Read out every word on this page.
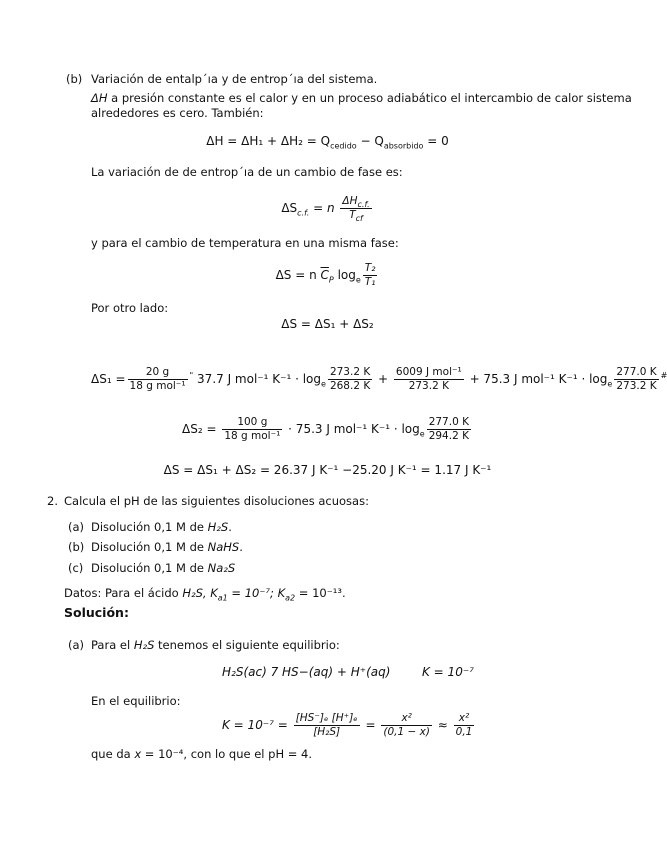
(b) Variación de entalp´ıa y de entrop´ıa del sistema.
ΔH a presión constante es el calor y en un proceso adiabático el intercambio de calor sistema
alrededores es cero. También:
$\Delta H = \Delta H_1 + \Delta H_2 = Q_{cedido} - Q_{absorbido} = 0$
La variación de de entrop´ıa de un cambio de fase es:
$\Delta S_{c.f.} = n \frac{\Delta H_{c.f.}}{T_{cf}}$
y para el cambio de temperatura en una misma fase:
ΔS = n $\overline{C}_P$ $\log_e \frac{\text{T₂}}{\text{T₁}}$
Por otro lado:
ΔS = ΔS₁ + ΔS₂
$\Delta S_1 = \frac{20 g}{\text{18 g mol⁻¹}} ^"$ 37.7 J mol⁻¹ $K^{-1} \cdot \log_e \frac{273.2 K}{268.2 K} + \frac{\text{6009 J mol⁻¹}}{273.2 K} + 75.3$ J mol⁻¹ $K^{-1} \cdot \log_e \frac{277.0 K}{273.2 K} ^{\#}$
$\Delta S_2 = \frac{100 g}{\text{18 g mol⁻¹}} \cdot 75.3$ J mol⁻¹ $K^{-1} \cdot \log_e \frac{277.0 K}{294.2 K}$
ΔS = ΔS₁ + ΔS₂ = 26.37 J K⁻¹ −25.20 J K⁻¹ = 1.17 J K⁻¹
2. Calcula el pH de las siguientes disoluciones acuosas:
(a) Disolución 0,1 M de H₂S.
(b) Disolución 0,1 M de NaHS.
(c) Disolución 0,1 M de Na₂S
Datos: Para el ácido H₂S, $K_{a1} = 10^{-7}$; $K_{a2} = 10^{-13}$.
Solución:
(a) Para el H₂S tenemos el siguiente equilibrio:
H₂S(ac) 7 HS−(aq) + H⁺(aq)	K = 10⁻⁷
En el equilibrio:
$K = 10^{-7} = \frac{\text{[HS⁻]ₑ [H⁺]ₑ}}{\text{[H₂S]}} = \frac{\text{x²}}{(0,1 - x)} \approx \frac{\text{x²}}{0,1}$
que da x = 10⁻⁴, con lo que el pH = 4.
